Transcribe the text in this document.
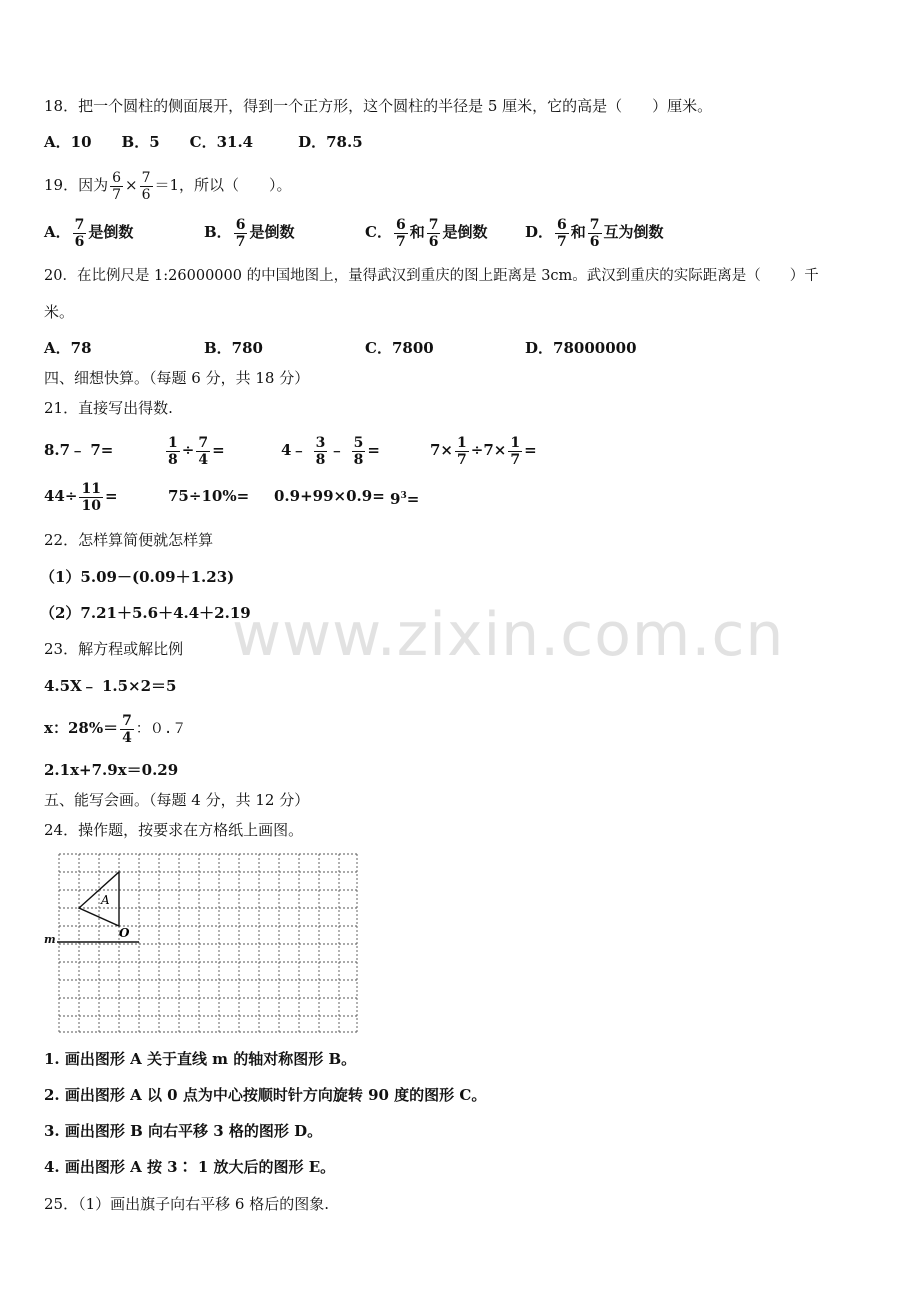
www.zixin.com.cn
18．把一个圆柱的侧面展开，得到一个正方形，这个圆柱的半径是 5 厘米，它的高是（　　）厘米。
A．10　　B．5　　C．31.4　　　D．78.5
19．因为 $\frac{6}{7} \times \frac{7}{6} =1$，所以（　　）。
A． $\frac{7}{6}$ 是倒数	B． $\frac{6}{7}$ 是倒数	C． $\frac{6}{7}$ 和 $\frac{7}{6}$ 是倒数	D． $\frac{6}{7}$ 和 $\frac{7}{6}$ 互为倒数
20．在比例尺是 1:26000000 的中国地图上，量得武汉到重庆的图上距离是 3cm。武汉到重庆的实际距离是（　　）千
米。
A．78	B．780	C．7800	D．78000000
四、细想快算。（每题 6 分，共 18 分）
21．直接写出得数.
8.7﹣ 7=	$\frac{1}{8} \div \frac{7}{4}$ =	4﹣ $\frac{3}{8}$ ﹣ $\frac{5}{8}$ =	$7\times \frac{1}{7} \div 7\times \frac{1}{7}$ =
$44\div \frac{11}{10}$ =	$75\div 10\%= 0.9+99\times 0.9= 9^3=$
22．怎样算简便就怎样算
（1）5.09－(0.09＋1.23)
（2）7.21＋5.6＋4.4＋2.19
23．解方程或解比例
4.5X﹣ 1.5×2＝5
x：$28\%= \frac{7}{4}$ ：０.７
2.1x+7.9x＝0.29
五、能写会画。（每题 4 分，共 12 分）
24．操作题，按要求在方格纸上画图。
A
O
m
1. 画出图形 A 关于直线 m 的轴对称图形 B。
2. 画出图形 A 以 0 点为中心按顺时针方向旋转 90 度的图形 C。
3. 画出图形 B 向右平移 3 格的图形 D。
4. 画出图形 A 按 3∶ 1 放大后的图形 E。
25．（1）画出旗子向右平移 6 格后的图象.
